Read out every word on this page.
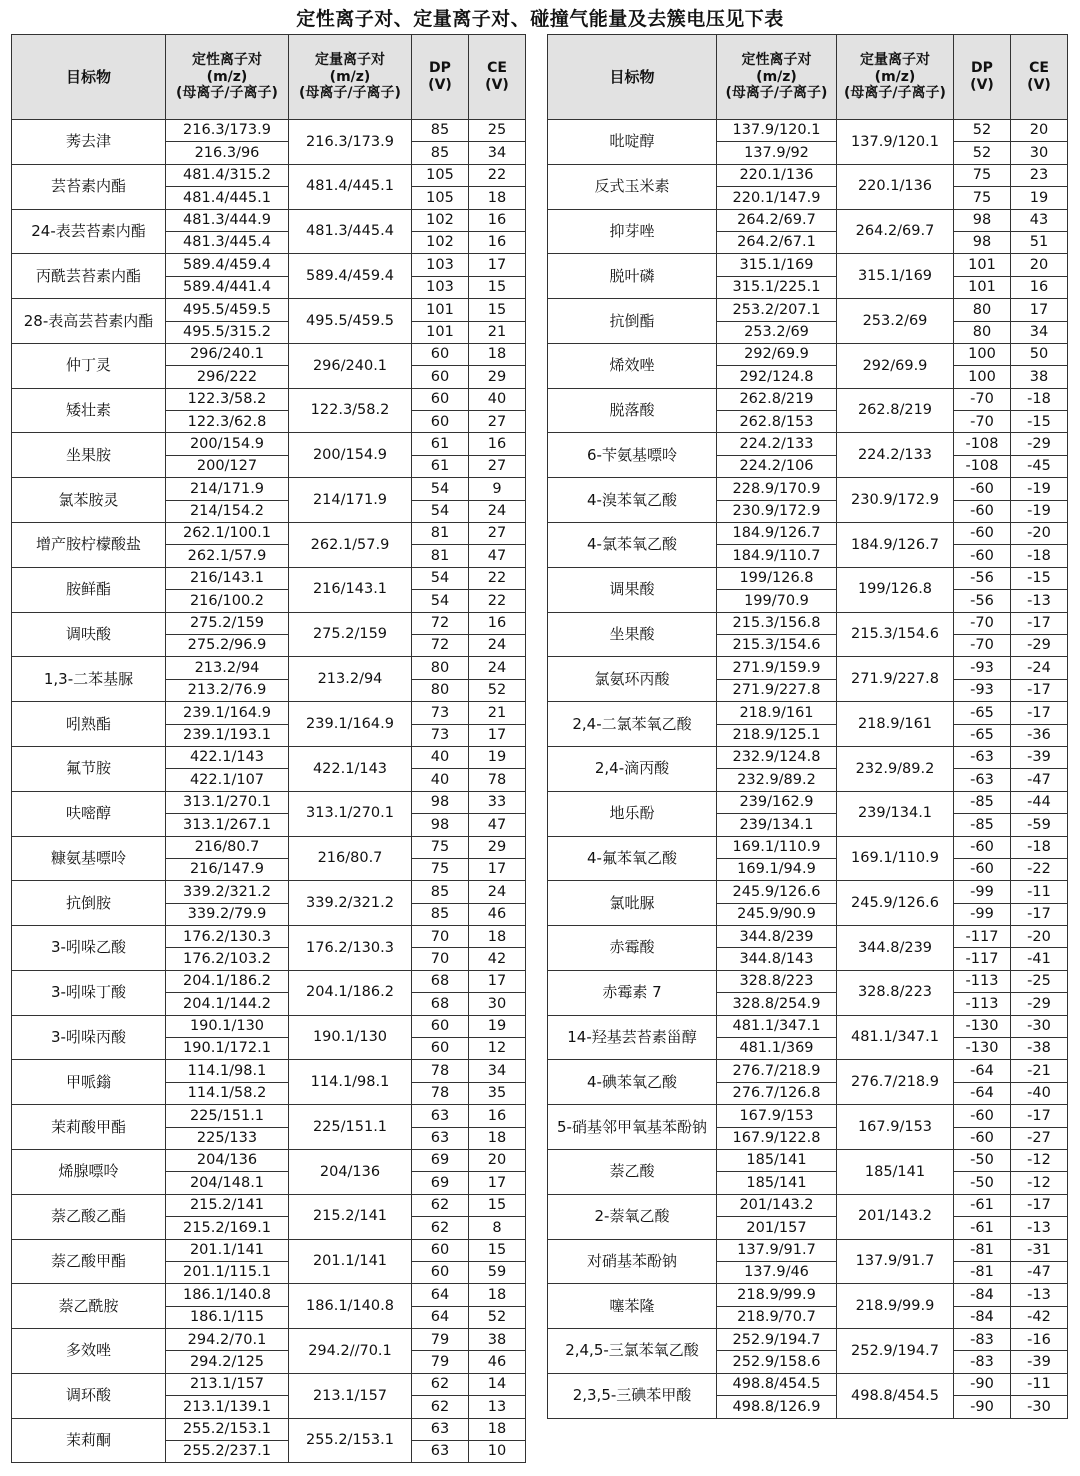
定性离子对、定量离子对、碰撞气能量及去簇电压见下表
目标物	定性离子对
(m/z)
(母离子/子离子)	定量离子对
(m/z)
(母离子/子离子)	DP
(V)	CE
(V)
莠去津	216.3/173.9	216.3/173.9	85	25
	216.3/96		85	34
芸苔素内酯	481.4/315.2	481.4/445.1	105	22
	481.4/445.1		105	18
24-表芸苔素内酯	481.3/444.9	481.3/445.4	102	16
	481.3/445.4		102	16
丙酰芸苔素内酯	589.4/459.4	589.4/459.4	103	17
	589.4/441.4		103	15
28-表高芸苔素内酯	495.5/459.5	495.5/459.5	101	15
	495.5/315.2		101	21
仲丁灵	296/240.1	296/240.1	60	18
	296/222		60	29
矮壮素	122.3/58.2	122.3/58.2	60	40
	122.3/62.8		60	27
坐果胺	200/154.9	200/154.9	61	16
	200/127		61	27
氯苯胺灵	214/171.9	214/171.9	54	9
	214/154.2		54	24
增产胺柠檬酸盐	262.1/100.1	262.1/57.9	81	27
	262.1/57.9		81	47
胺鲜酯	216/143.1	216/143.1	54	22
	216/100.2		54	22
调呋酸	275.2/159	275.2/159	72	16
	275.2/96.9		72	24
1,3-二苯基脲	213.2/94	213.2/94	80	24
	213.2/76.9		80	52
吲熟酯	239.1/164.9	239.1/164.9	73	21
	239.1/193.1		73	17
氟节胺	422.1/143	422.1/143	40	19
	422.1/107		40	78
呋嘧醇	313.1/270.1	313.1/270.1	98	33
	313.1/267.1		98	47
糠氨基嘌呤	216/80.7	216/80.7	75	29
	216/147.9		75	17
抗倒胺	339.2/321.2	339.2/321.2	85	24
	339.2/79.9		85	46
3-吲哚乙酸	176.2/130.3	176.2/130.3	70	18
	176.2/103.2		70	42
3-吲哚丁酸	204.1/186.2	204.1/186.2	68	17
	204.1/144.2		68	30
3-吲哚丙酸	190.1/130	190.1/130	60	19
	190.1/172.1		60	12
甲哌鎓	114.1/98.1	114.1/98.1	78	34
	114.1/58.2		78	35
茉莉酸甲酯	225/151.1	225/151.1	63	16
	225/133		63	18
烯腺嘌呤	204/136	204/136	69	20
	204/148.1		69	17
萘乙酸乙酯	215.2/141	215.2/141	62	15
	215.2/169.1		62	8
萘乙酸甲酯	201.1/141	201.1/141	60	15
	201.1/115.1		60	59
萘乙酰胺	186.1/140.8	186.1/140.8	64	18
	186.1/115		64	52
多效唑	294.2/70.1	294.2//70.1	79	38
	294.2/125		79	46
调环酸	213.1/157	213.1/157	62	14
	213.1/139.1		62	13
茉莉酮	255.2/153.1	255.2/153.1	63	18
	255.2/237.1		63	10
目标物	定性离子对
(m/z)
(母离子/子离子)	定量离子对
(m/z)
(母离子/子离子)	DP
(V)	CE
(V)
吡啶醇	137.9/120.1	137.9/120.1	52	20
	137.9/92		52	30
反式玉米素	220.1/136	220.1/136	75	23
	220.1/147.9		75	19
抑芽唑	264.2/69.7	264.2/69.7	98	43
	264.2/67.1		98	51
脱叶磷	315.1/169	315.1/169	101	20
	315.1/225.1		101	16
抗倒酯	253.2/207.1	253.2/69	80	17
	253.2/69		80	34
烯效唑	292/69.9	292/69.9	100	50
	292/124.8		100	38
脱落酸	262.8/219	262.8/219	-70	-18
	262.8/153		-70	-15
6-苄氨基嘌呤	224.2/133	224.2/133	-108	-29
	224.2/106		-108	-45
4-溴苯氧乙酸	228.9/170.9	230.9/172.9	-60	-19
	230.9/172.9		-60	-19
4-氯苯氧乙酸	184.9/126.7	184.9/126.7	-60	-20
	184.9/110.7		-60	-18
调果酸	199/126.8	199/126.8	-56	-15
	199/70.9		-56	-13
坐果酸	215.3/156.8	215.3/154.6	-70	-17
	215.3/154.6		-70	-29
氯氨环丙酸	271.9/159.9	271.9/227.8	-93	-24
	271.9/227.8		-93	-17
2,4-二氯苯氧乙酸	218.9/161	218.9/161	-65	-17
	218.9/125.1		-65	-36
2,4-滴丙酸	232.9/124.8	232.9/89.2	-63	-39
	232.9/89.2		-63	-47
地乐酚	239/162.9	239/134.1	-85	-44
	239/134.1		-85	-59
4-氟苯氧乙酸	169.1/110.9	169.1/110.9	-60	-18
	169.1/94.9		-60	-22
氯吡脲	245.9/126.6	245.9/126.6	-99	-11
	245.9/90.9		-99	-17
赤霉酸	344.8/239	344.8/239	-117	-20
	344.8/143		-117	-41
赤霉素 7	328.8/223	328.8/223	-113	-25
	328.8/254.9		-113	-29
14-羟基芸苔素甾醇	481.1/347.1	481.1/347.1	-130	-30
	481.1/369		-130	-38
4-碘苯氧乙酸	276.7/218.9	276.7/218.9	-64	-21
	276.7/126.8		-64	-40
5-硝基邻甲氧基苯酚钠	167.9/153	167.9/153	-60	-17
	167.9/122.8		-60	-27
萘乙酸	185/141	185/141	-50	-12
	185/141		-50	-12
2-萘氧乙酸	201/143.2	201/143.2	-61	-17
	201/157		-61	-13
对硝基苯酚钠	137.9/91.7	137.9/91.7	-81	-31
	137.9/46		-81	-47
噻苯隆	218.9/99.9	218.9/99.9	-84	-13
	218.9/70.7		-84	-42
2,4,5-三氯苯氧乙酸	252.9/194.7	252.9/194.7	-83	-16
	252.9/158.6		-83	-39
2,3,5-三碘苯甲酸	498.8/454.5	498.8/454.5	-90	-11
	498.8/126.9		-90	-30
